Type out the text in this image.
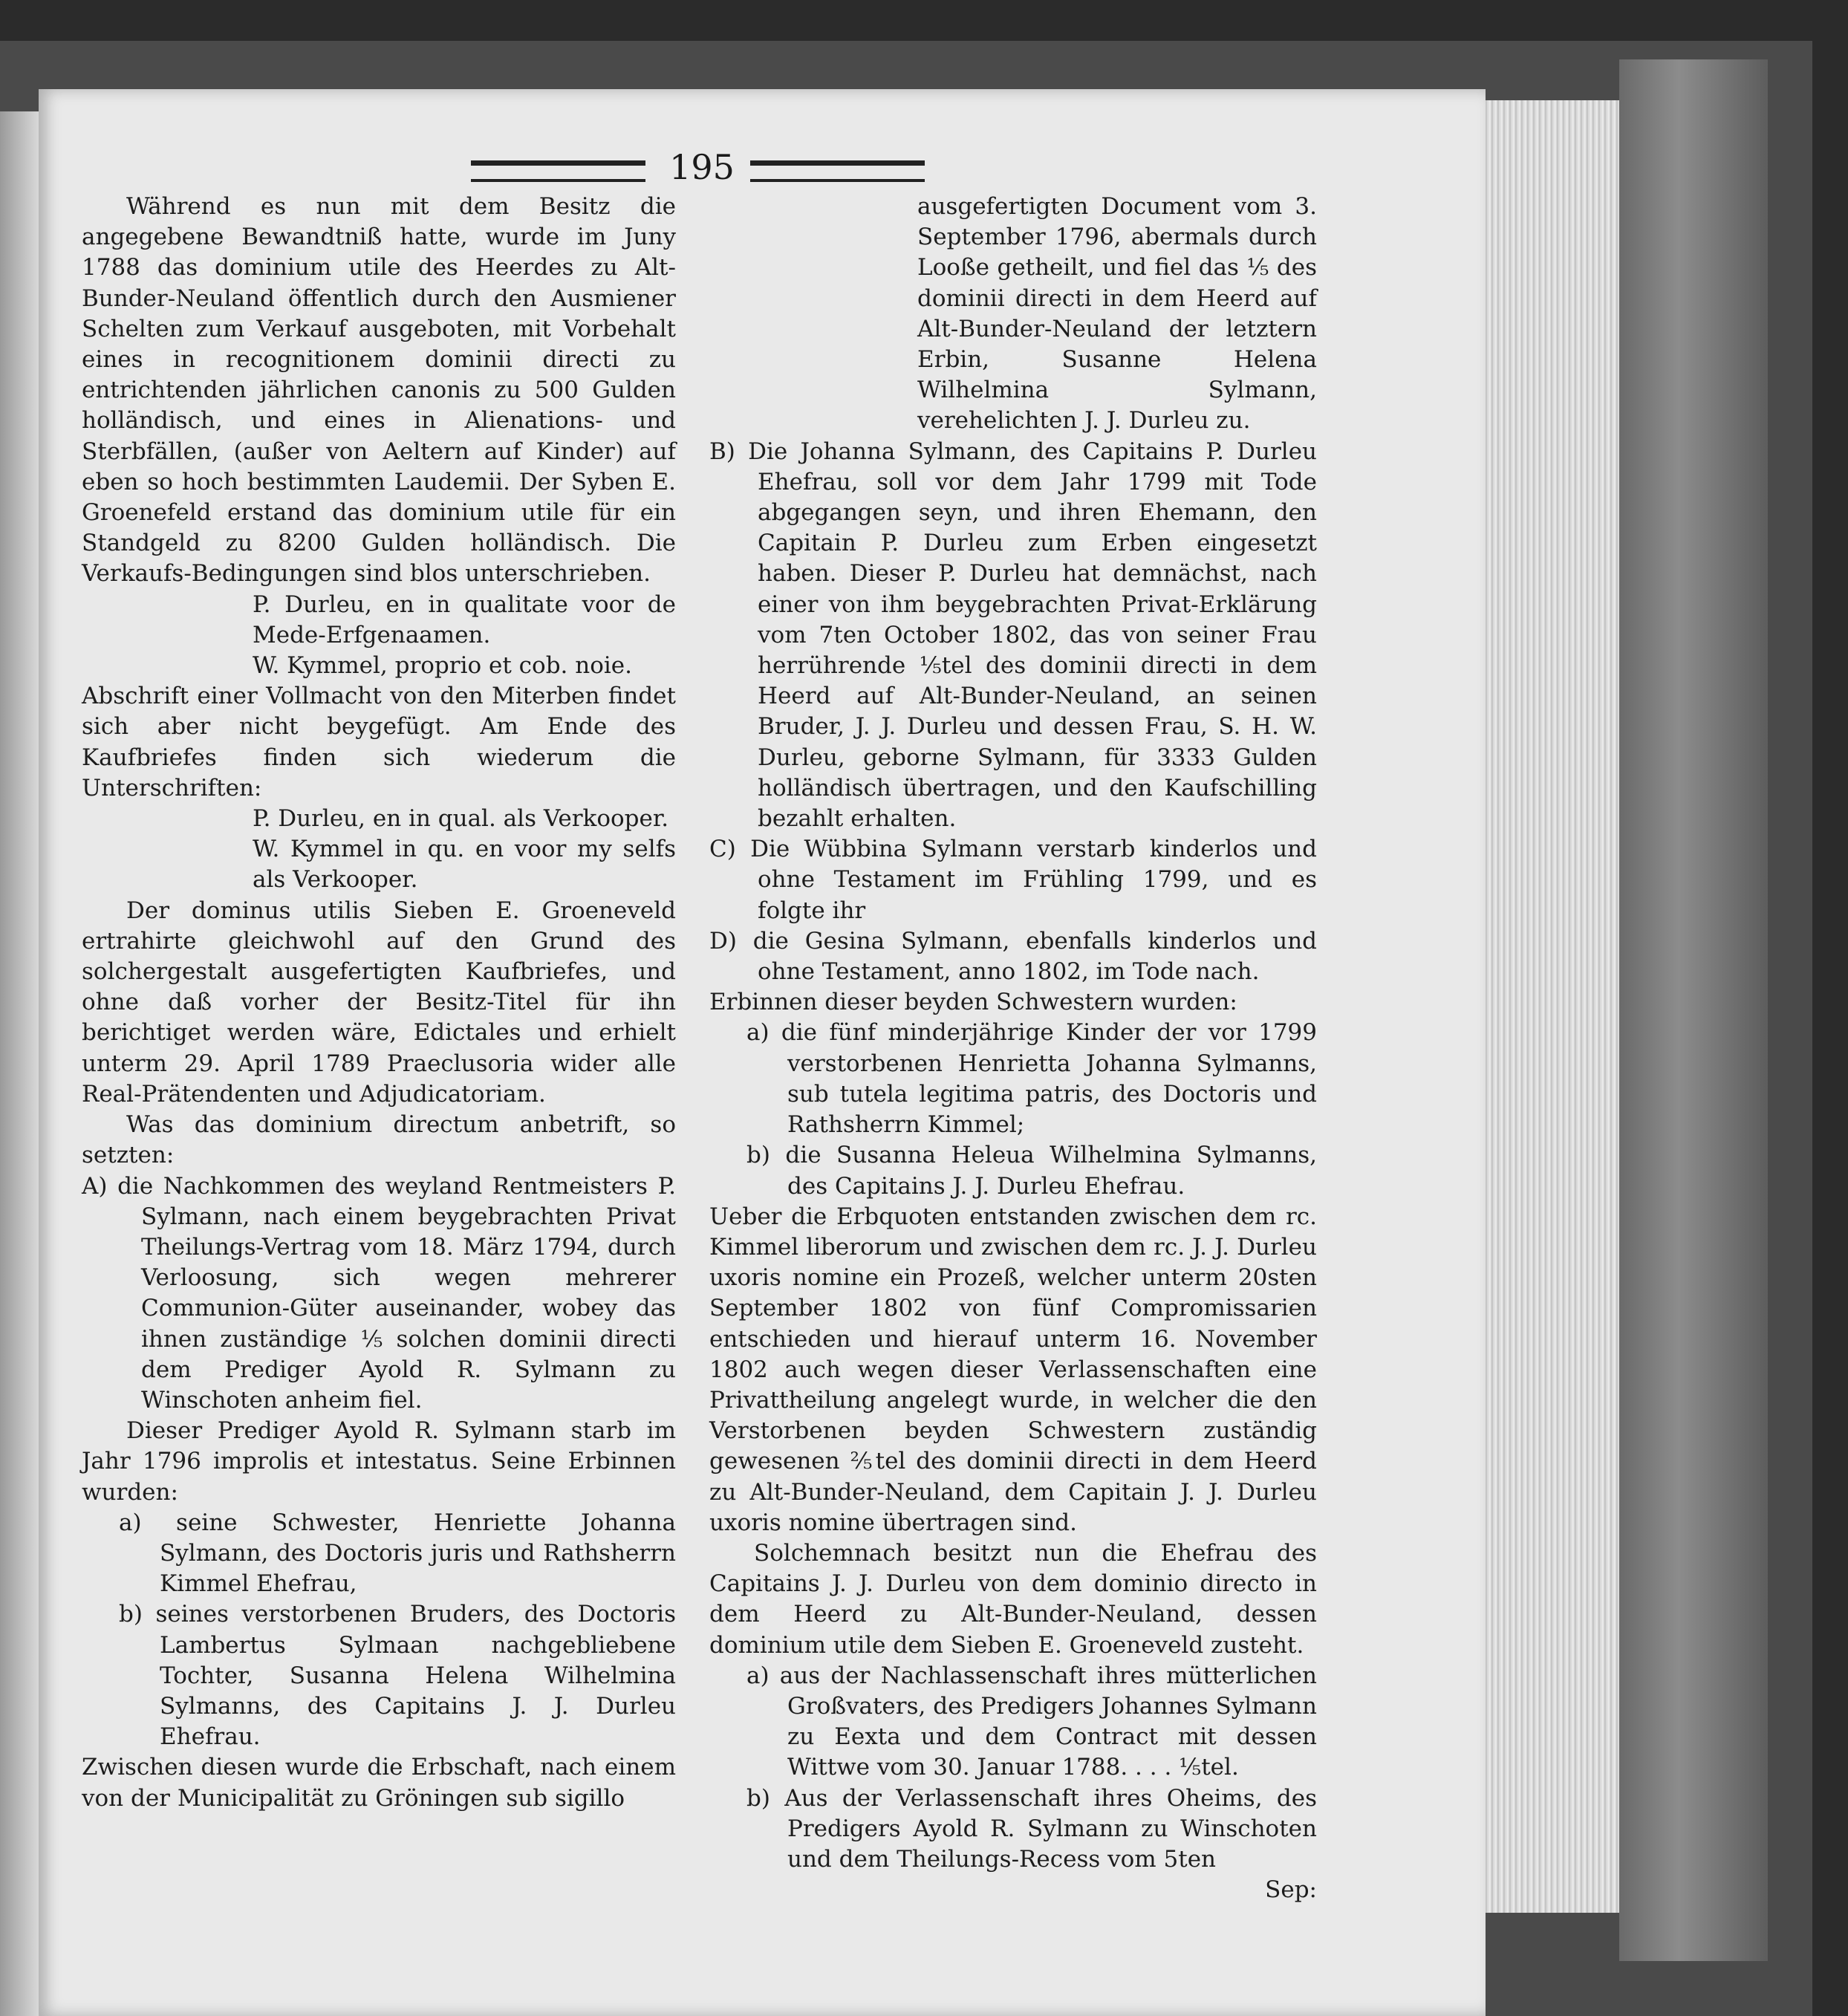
195

Während es nun mit dem Besitz die angegebene Bewandtniß hatte, wurde im Juny 1788 das dominium utile des Heerdes zu Alt-Bunder-Neuland öffentlich durch den Ausmiener Schelten zum Verkauf ausgeboten, mit Vorbehalt eines in recognitionem dominii directi zu entrichtenden jährlichen canonis zu 500 Gulden holländisch, und eines in Alienations- und Sterbfällen, (außer von Aeltern auf Kinder) auf eben so hoch bestimmten Laudemii. Der Syben E. Groenefeld erstand das dominium utile für ein Standgeld zu 8200 Gulden holländisch. Die Verkaufs-Bedingungen sind blos unterschrieben.

P. Durleu, en in qualitate voor de Mede-Erfgenaamen.

W. Kymmel, proprio et cob. noie.

Abschrift einer Vollmacht von den Miterben findet sich aber nicht beygefügt. Am Ende des Kaufbriefes finden sich wiederum die Unterschriften:

P. Durleu, en in qual. als Verkooper.

W. Kymmel in qu. en voor my selfs als Verkooper.

Der dominus utilis Sieben E. Groeneveld ertrahirte gleichwohl auf den Grund des solchergestalt ausgefertigten Kaufbriefes, und ohne daß vorher der Besitz-Titel für ihn berichtiget werden wäre, Edictales und erhielt unterm 29. April 1789 Praeclusoria wider alle Real-Prätendenten und Adjudicatoriam.

Was das dominium directum anbetrift, so setzten:

A) die Nachkommen des weyland Rentmeisters P. Sylmann, nach einem beygebrachten Privat Theilungs-Vertrag vom 18. März 1794, durch Verloosung, sich wegen mehrerer Communion-Güter auseinander, wobey das ihnen zuständige ⅕ solchen dominii directi dem Prediger Ayold R. Sylmann zu Winschoten anheim fiel.

Dieser Prediger Ayold R. Sylmann starb im Jahr 1796 improlis et intestatus. Seine Erbinnen wurden:

a) seine Schwester, Henriette Johanna Sylmann, des Doctoris juris und Rathsherrn Kimmel Ehefrau,

b) seines verstorbenen Bruders, des Doctoris Lambertus Sylmaan nachgebliebene Tochter, Susanna Helena Wilhelmina Sylmanns, des Capitains J. J. Durleu Ehefrau.

Zwischen diesen wurde die Erbschaft, nach einem von der Municipalität zu Gröningen sub sigillo

ausgefertigten Document vom 3. September 1796, abermals durch Looße getheilt, und fiel das ⅕ des dominii directi in dem Heerd auf Alt-Bunder-Neuland der letztern Erbin, Susanne Helena Wilhelmina Sylmann, verehelichten J. J. Durleu zu.

B) Die Johanna Sylmann, des Capitains P. Durleu Ehefrau, soll vor dem Jahr 1799 mit Tode abgegangen seyn, und ihren Ehemann, den Capitain P. Durleu zum Erben eingesetzt haben. Dieser P. Durleu hat demnächst, nach einer von ihm beygebrachten Privat-Erklärung vom 7ten October 1802, das von seiner Frau herrührende ⅕tel des dominii directi in dem Heerd auf Alt-Bunder-Neuland, an seinen Bruder, J. J. Durleu und dessen Frau, S. H. W. Durleu, geborne Sylmann, für 3333 Gulden holländisch übertragen, und den Kaufschilling bezahlt erhalten.

C) Die Wübbina Sylmann verstarb kinderlos und ohne Testament im Frühling 1799, und es folgte ihr

D) die Gesina Sylmann, ebenfalls kinderlos und ohne Testament, anno 1802, im Tode nach.

Erbinnen dieser beyden Schwestern wurden:

a) die fünf minderjährige Kinder der vor 1799 verstorbenen Henrietta Johanna Sylmanns, sub tutela legitima patris, des Doctoris und Rathsherrn Kimmel;

b) die Susanna Heleua Wilhelmina Sylmanns, des Capitains J. J. Durleu Ehefrau.

Ueber die Erbquoten entstanden zwischen dem rc. Kimmel liberorum und zwischen dem rc. J. J. Durleu uxoris nomine ein Prozeß, welcher unterm 20sten September 1802 von fünf Compromissarien entschieden und hierauf unterm 16. November 1802 auch wegen dieser Verlassenschaften eine Privattheilung angelegt wurde, in welcher die den Verstorbenen beyden Schwestern zuständig gewesenen ⅖tel des dominii directi in dem Heerd zu Alt-Bunder-Neuland, dem Capitain J. J. Durleu uxoris nomine übertragen sind.

Solchemnach besitzt nun die Ehefrau des Capitains J. J. Durleu von dem dominio directo in dem Heerd zu Alt-Bunder-Neuland, dessen dominium utile dem Sieben E. Groeneveld zusteht.

a) aus der Nachlassenschaft ihres mütterlichen Großvaters, des Predigers Johannes Sylmann zu Eexta und dem Contract mit dessen Wittwe vom 30. Januar 1788. . . . ⅕tel.

b) Aus der Verlassenschaft ihres Oheims, des Predigers Ayold R. Sylmann zu Winschoten und dem Theilungs-Recess vom 5ten

Sep:
